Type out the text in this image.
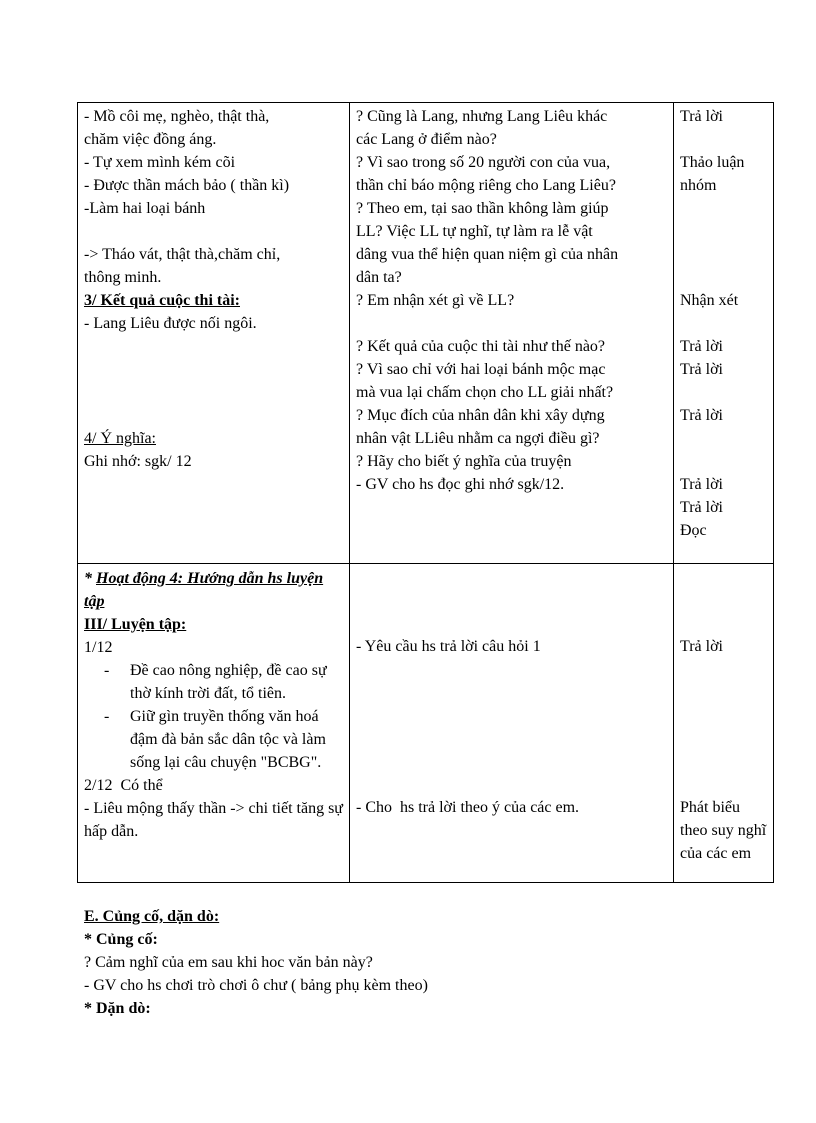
- Mồ côi mẹ, nghèo, thật thà,
chăm việc đồng áng.
- Tự xem mình kém cõi
- Được thần mách bảo ( thần kì)
-Làm hai loại bánh
-> Tháo vát, thật thà,chăm chỉ,
thông minh.
3/ Kết quả cuộc thi tài:
- Lang Liêu được nối ngôi.
4/ Ý nghĩa:
Ghi nhớ: sgk/ 12
? Cũng là Lang, nhưng Lang Liêu khác
các Lang ở điểm nào?
? Vì sao trong số 20 người con của vua,
thần chỉ báo mộng riêng cho Lang Liêu?
? Theo em, tại sao thần không làm giúp
LL? Việc LL tự nghĩ, tự làm ra lễ vật
dâng vua thể hiện quan niệm gì của nhân
dân ta?
? Em nhận xét gì về LL?
? Kết quả của cuộc thi tài như thế nào?
? Vì sao chỉ với hai loại bánh mộc mạc
mà vua lại chấm chọn cho LL giải nhất?
? Mục đích của nhân dân khi xây dựng
nhân vật LLiêu nhằm ca ngợi điều gì?
? Hãy cho biết ý nghĩa của truyện
- GV cho hs đọc ghi nhớ sgk/12.
Trả lời
Thảo luận
nhóm
Nhận xét
Trả lời
Trả lời
Trả lời
Trả lời
Trả lời
Đọc
* Hoạt động 4: Hướng dẫn hs luyện tập
III/ Luyện tập:
1/12
-	Đề cao nông nghiệp, đề cao sự thờ kính trời đất, tổ tiên.
-	Giữ gìn truyền thống văn hoá đậm đà bản sắc dân tộc và làm sống lại câu chuyện "BCBG".
2/12  Có thể
- Liêu mộng thấy thần -> chi tiết tăng sự hấp dẫn.
- Yêu cầu hs trả lời câu hỏi 1
- Cho  hs trả lời theo ý của các em.
Trả lời
Phát biểu theo suy nghĩ của các em
E. Củng cố, dặn dò:
* Củng cố:
? Cảm nghĩ của em sau khi hoc văn bản này?
- GV cho hs chơi trò chơi ô chư ( bảng phụ kèm theo)
* Dặn dò:
